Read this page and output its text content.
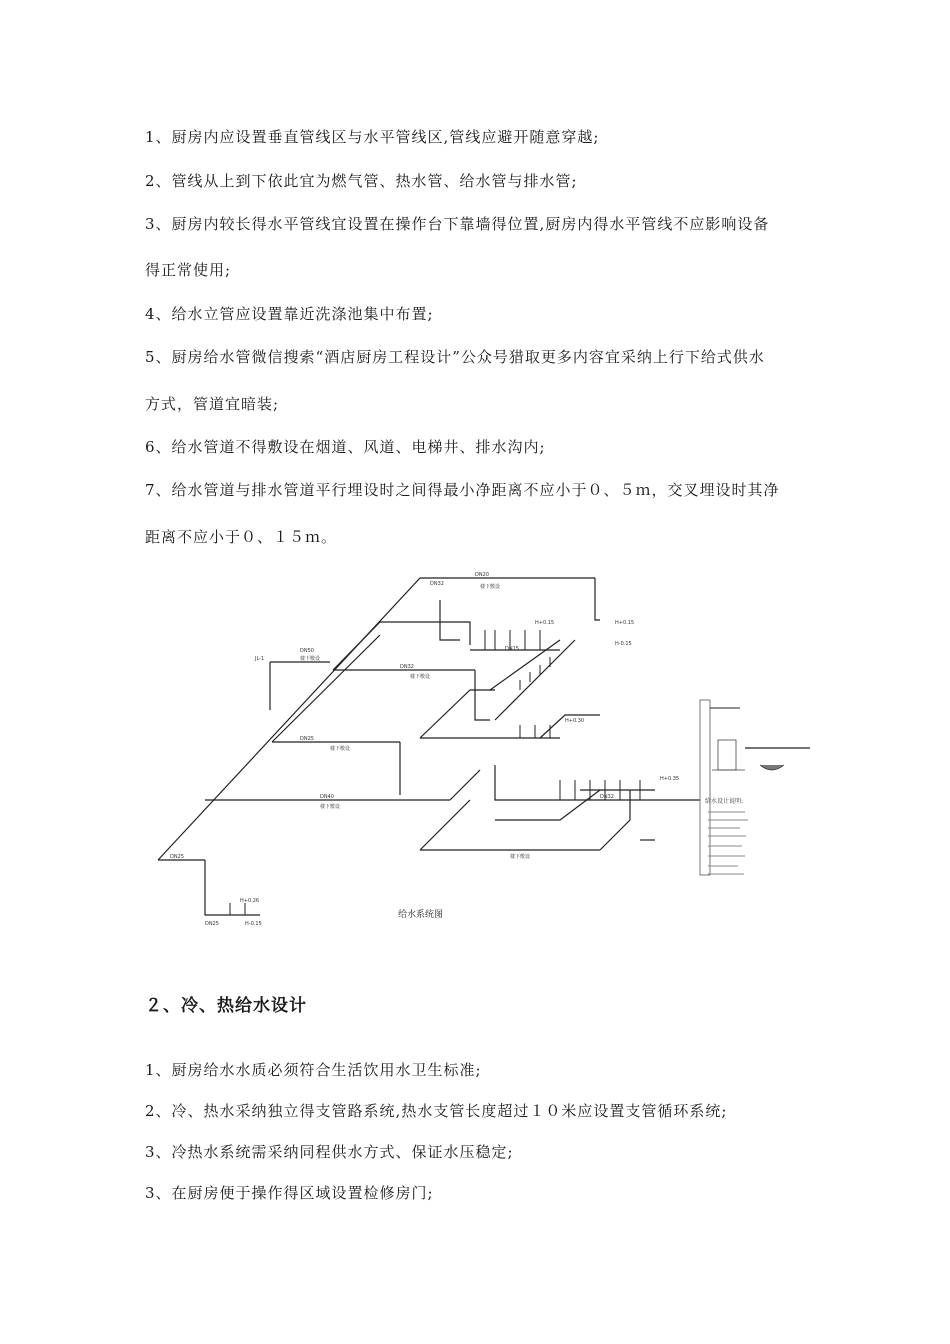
1、厨房内应设置垂直管线区与水平管线区,管线应避开随意穿越;

2、管线从上到下依此宜为燃气管、热水管、给水管与排水管;

3、厨房内较长得水平管线宜设置在操作台下靠墙得位置,厨房内得水平管线不应影响设备

得正常使用;

4、给水立管应设置靠近洗涤池集中布置;

5、厨房给水管微信搜索“酒店厨房工程设计”公众号猎取更多内容宜采纳上行下给式供水

方式，管道宜暗装;

6、给水管道不得敷设在烟道、风道、电梯井、排水沟内;

7、给水管道与排水管道平行埋设时之间得最小净距离不应小于０、５ｍ，交叉埋设时其净

距离不应小于０、１５ｍ。

DN20
DN32
DN50
DN32
DN25
DN40
DN25
DN25
DN32
DN15
楼下敷设
楼下敷设
楼下敷设
楼下敷设
楼下敷设
楼下敷设
H+0.15	H+0.15
H-0.15
H+0.35
H+0.30
H+0.26
H-0.15
JL-1
给水设计说明:
给水系统图
２、冷、热给水设计

1、厨房给水水质必须符合生活饮用水卫生标准;

2、冷、热水采纳独立得支管路系统,热水支管长度超过１０米应设置支管循环系统;

3、冷热水系统需采纳同程供水方式、保证水压稳定;

3、在厨房便于操作得区域设置检修房门;
